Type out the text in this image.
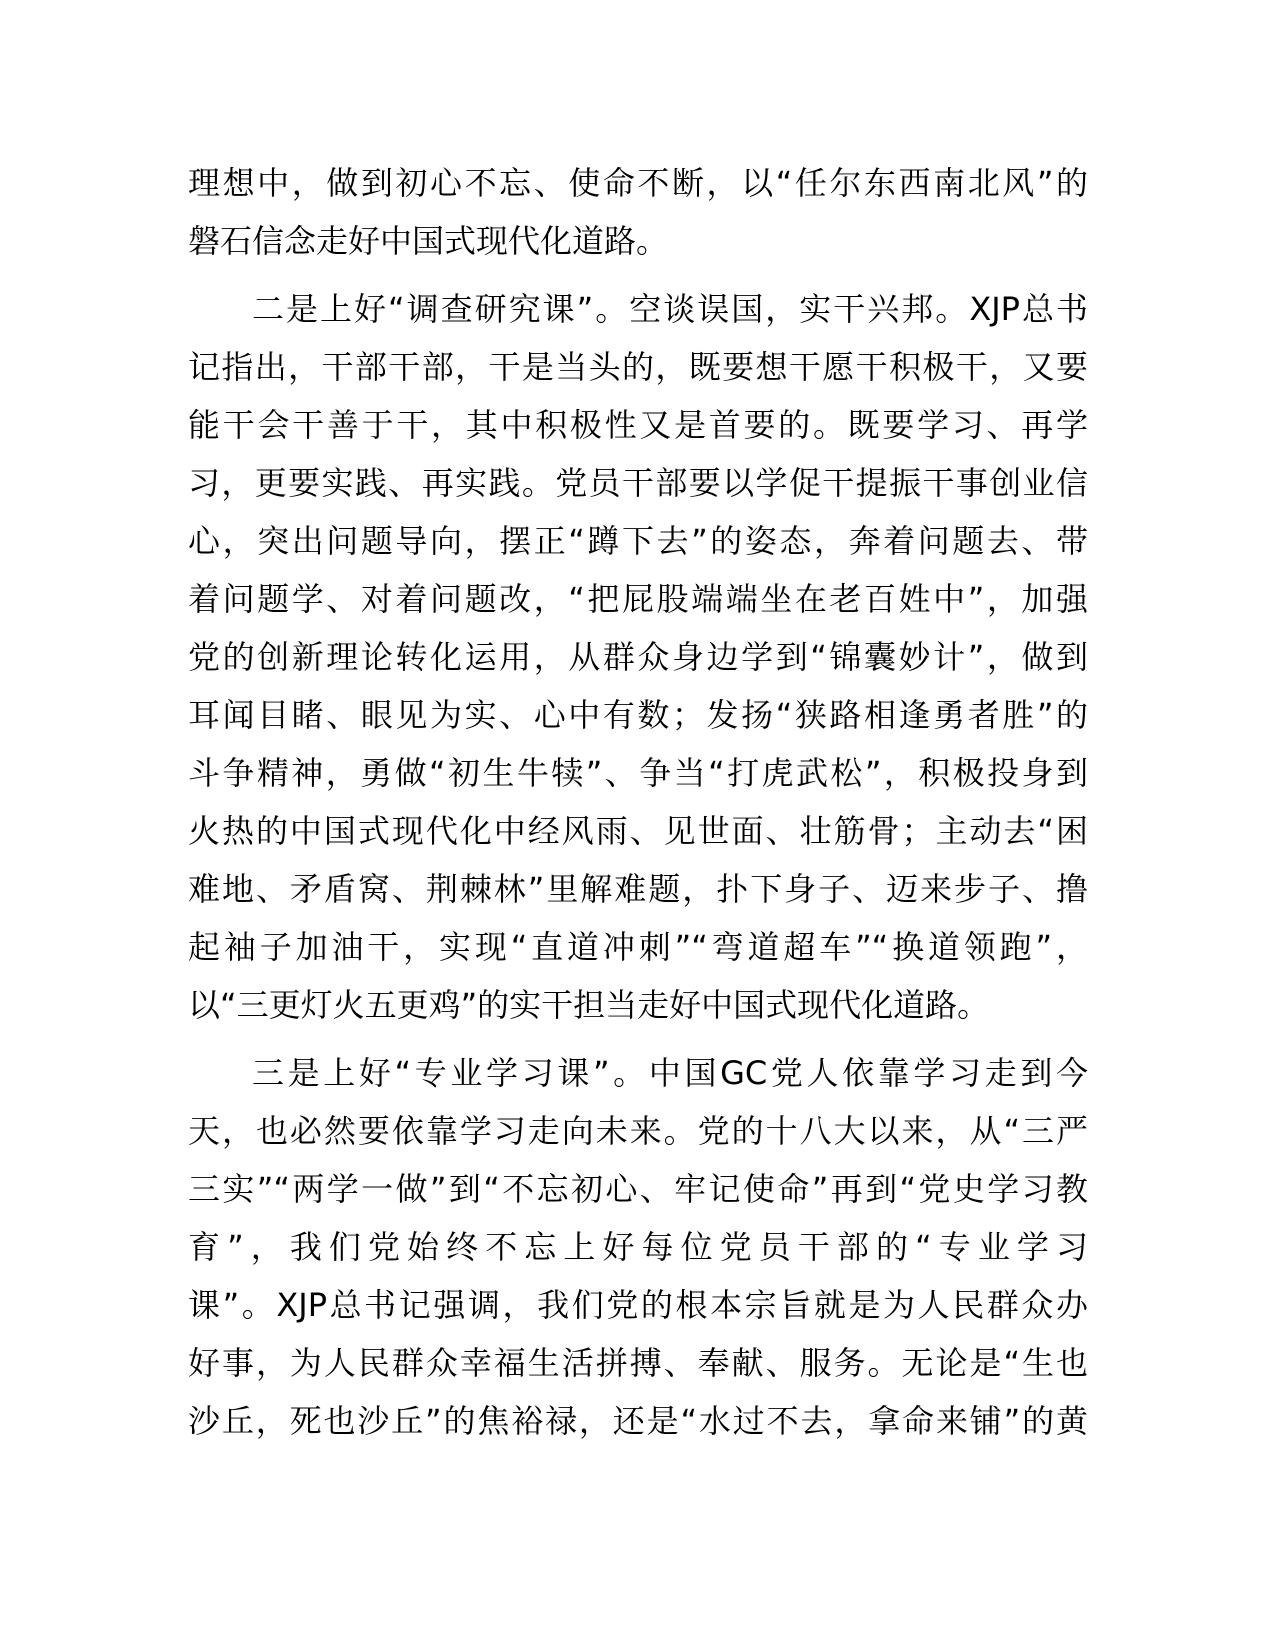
理想中，做到初心不忘、使命不断，以“任尔东西南北风”的
磐石信念走好中国式现代化道路。
二是上好“调查研究课”。空谈误国，实干兴邦。XJP总书
记指出，干部干部，干是当头的，既要想干愿干积极干，又要
能干会干善于干，其中积极性又是首要的。既要学习、再学
习，更要实践、再实践。党员干部要以学促干提振干事创业信
心，突出问题导向，摆正“蹲下去”的姿态，奔着问题去、带
着问题学、对着问题改，“把屁股端端坐在老百姓中”，加强
党的创新理论转化运用，从群众身边学到“锦囊妙计”，做到
耳闻目睹、眼见为实、心中有数；发扬“狭路相逢勇者胜”的
斗争精神，勇做“初生牛犊”、争当“打虎武松”，积极投身到
火热的中国式现代化中经风雨、见世面、壮筋骨；主动去“困
难地、矛盾窝、荆棘林”里解难题，扑下身子、迈来步子、撸
起袖子加油干，实现“直道冲刺”“弯道超车”“换道领跑”，
以“三更灯火五更鸡”的实干担当走好中国式现代化道路。
三是上好“专业学习课”。中国GC党人依靠学习走到今
天，也必然要依靠学习走向未来。党的十八大以来，从“三严
三实”“两学一做”到“不忘初心、牢记使命”再到“党史学习教
育”，我们党始终不忘上好每位党员干部的“专业学习
课”。XJP总书记强调，我们党的根本宗旨就是为人民群众办
好事，为人民群众幸福生活拼搏、奉献、服务。无论是“生也
沙丘，死也沙丘”的焦裕禄，还是“水过不去，拿命来铺”的黄
